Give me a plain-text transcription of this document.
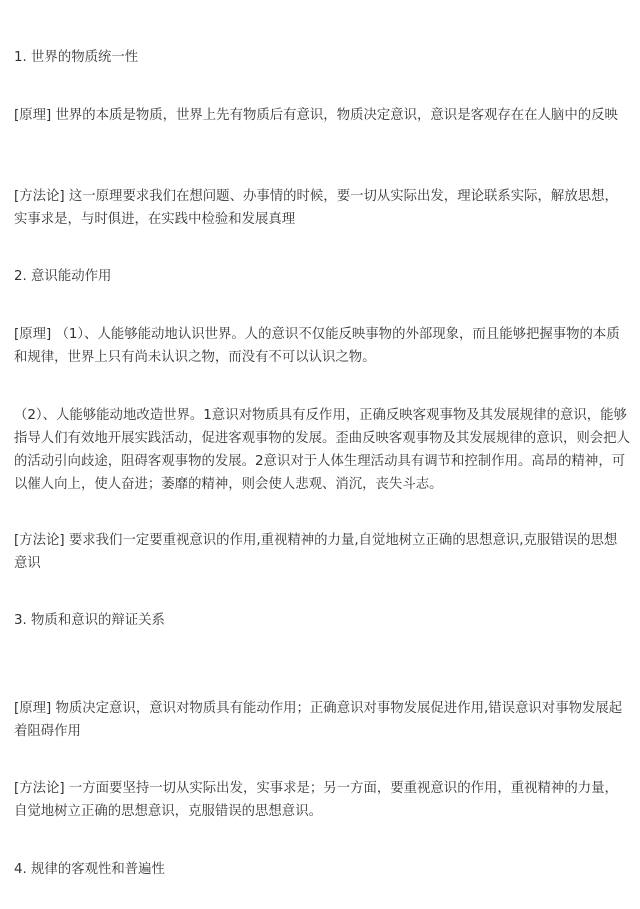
1. 世界的物质统一性

[原理] 世界的本质是物质，世界上先有物质后有意识，物质决定意识，意识是客观存在在人脑中的反映

[方法论] 这一原理要求我们在想问题、办事情的时候，要一切从实际出发，理论联系实际，解放思想，实事求是，与时俱进，在实践中检验和发展真理

2. 意识能动作用

[原理] （1）、人能够能动地认识世界。人的意识不仅能反映事物的外部现象，而且能够把握事物的本质和规律，世界上只有尚未认识之物，而没有不可以认识之物。

（2）、人能够能动地改造世界。1意识对物质具有反作用，正确反映客观事物及其发展规律的意识，能够指导人们有效地开展实践活动，促进客观事物的发展。歪曲反映客观事物及其发展规律的意识，则会把人的活动引向歧途，阻碍客观事物的发展。2意识对于人体生理活动具有调节和控制作用。高昂的精神，可以催人向上，使人奋进；萎靡的精神，则会使人悲观、消沉，丧失斗志。

[方法论] 要求我们一定要重视意识的作用,重视精神的力量,自觉地树立正确的思想意识,克服错误的思想意识

3. 物质和意识的辩证关系

[原理] 物质决定意识，意识对物质具有能动作用；正确意识对事物发展促进作用,错误意识对事物发展起着阻碍作用

[方法论] 一方面要坚持一切从实际出发，实事求是；另一方面，要重视意识的作用，重视精神的力量，自觉地树立正确的思想意识，克服错误的思想意识。

4. 规律的客观性和普遍性
